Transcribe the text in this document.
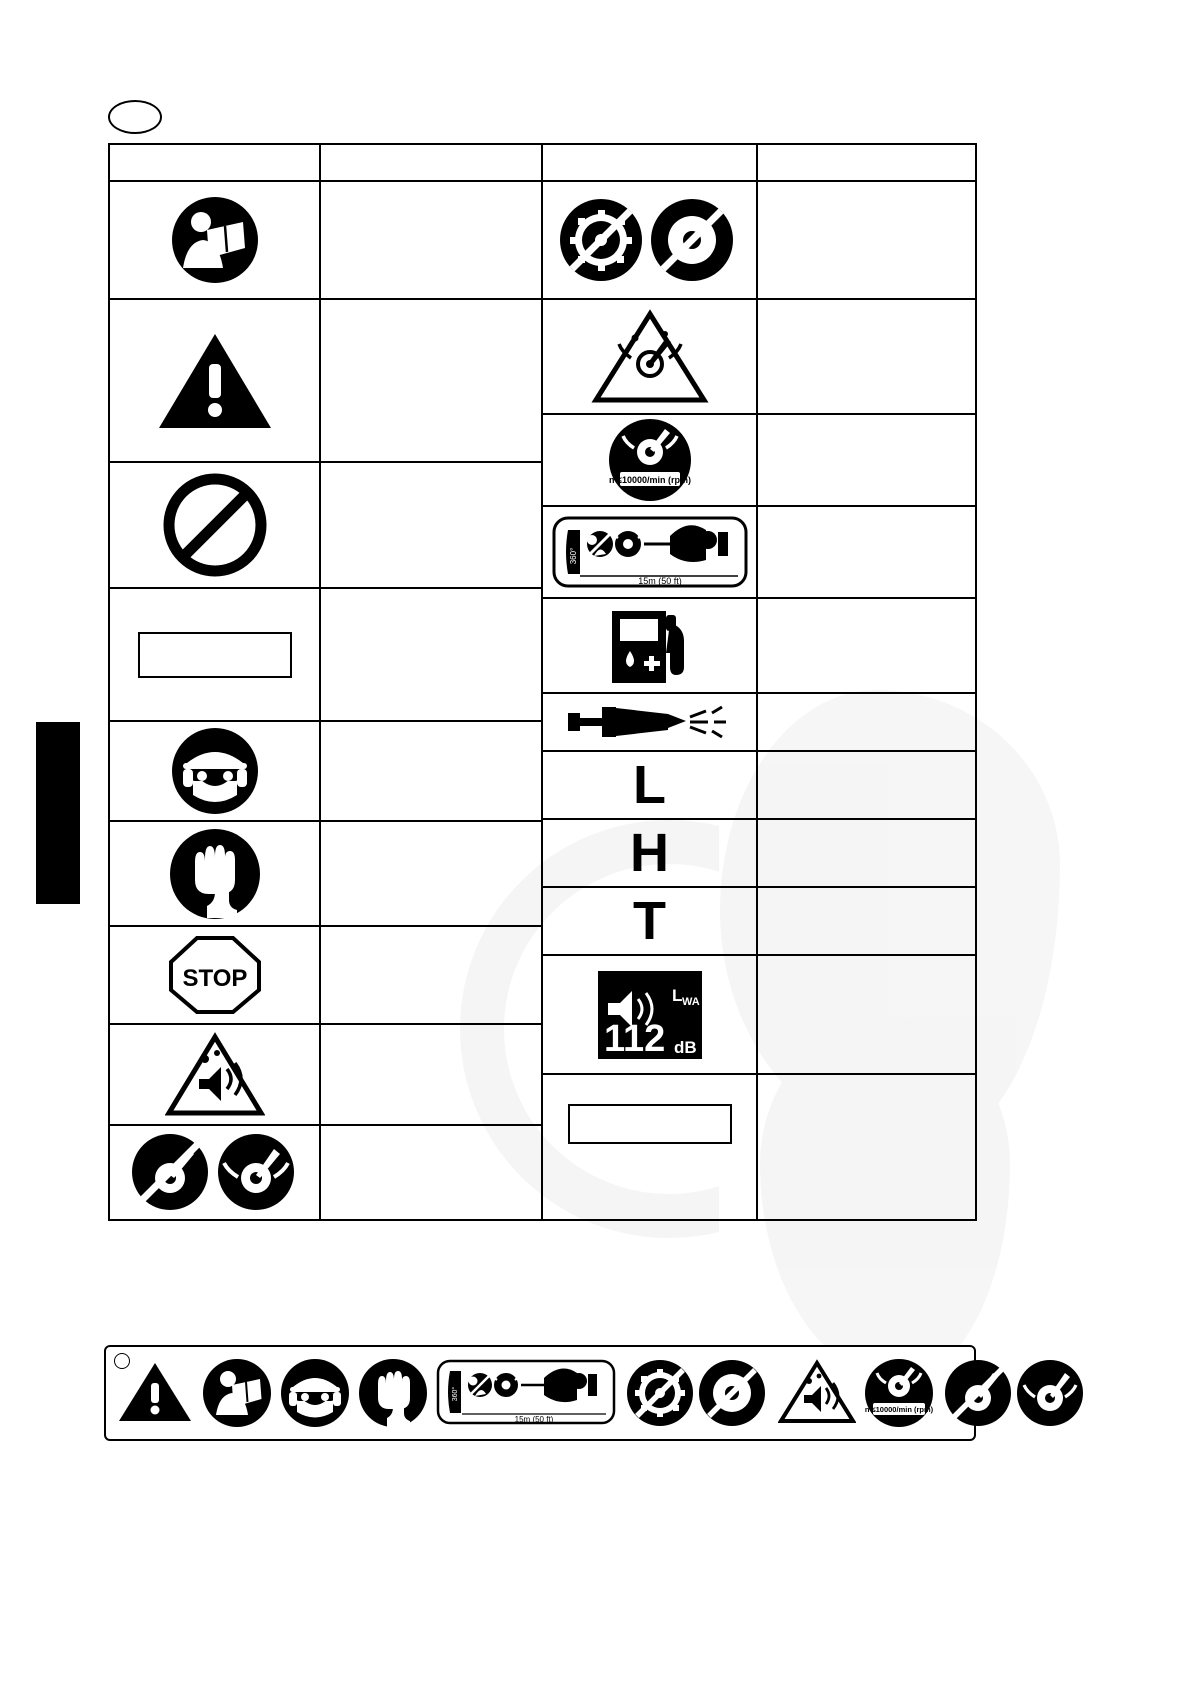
STOP
n ≤10000/min (rpm)
360°
15m (50 ft)
L
H
T
L WA
112 dB
360°
15m (50 ft)
n ≤10000/min (rpm)
